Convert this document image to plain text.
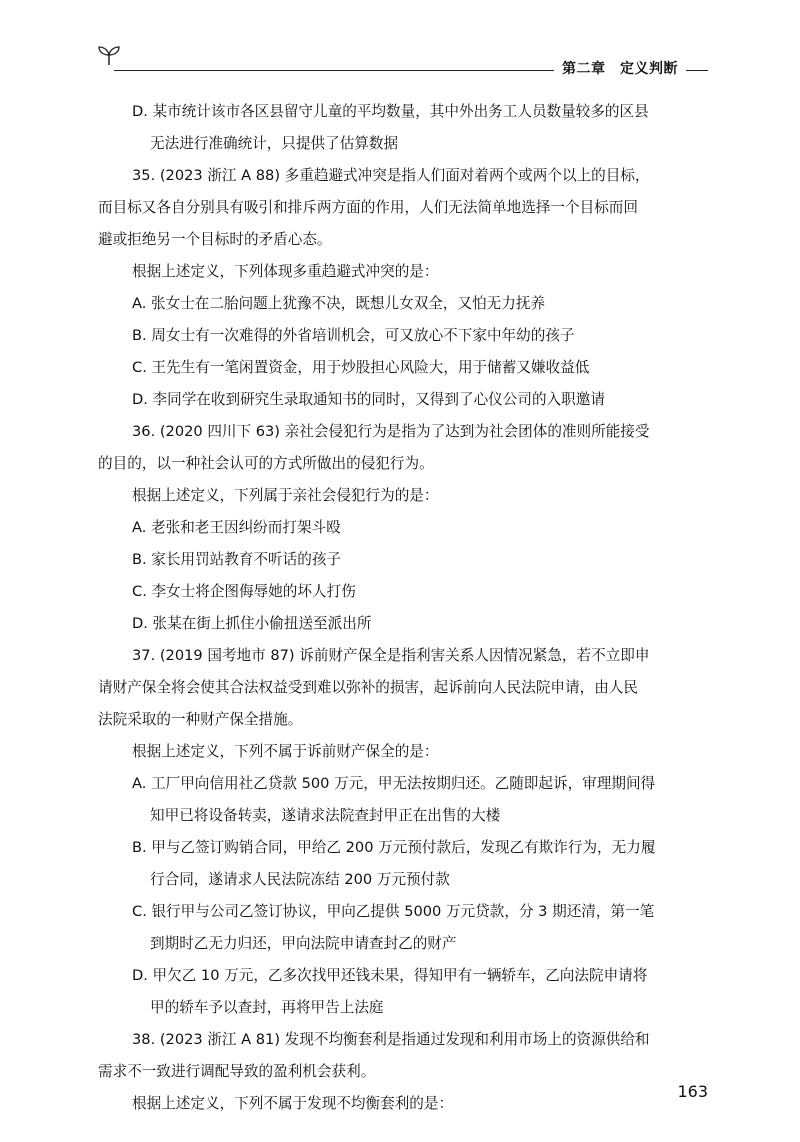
第二章　定义判断
D. 某市统计该市各区县留守儿童的平均数量，其中外出务工人员数量较多的区县
无法进行准确统计，只提供了估算数据
35. (2023 浙江 A 88) 多重趋避式冲突是指人们面对着两个或两个以上的目标，
而目标又各自分别具有吸引和排斥两方面的作用，人们无法简单地选择一个目标而回
避或拒绝另一个目标时的矛盾心态。
根据上述定义，下列体现多重趋避式冲突的是：
A. 张女士在二胎问题上犹豫不决，既想儿女双全，又怕无力抚养
B. 周女士有一次难得的外省培训机会，可又放心不下家中年幼的孩子
C. 王先生有一笔闲置资金，用于炒股担心风险大，用于储蓄又嫌收益低
D. 李同学在收到研究生录取通知书的同时，又得到了心仪公司的入职邀请
36. (2020 四川下 63) 亲社会侵犯行为是指为了达到为社会团体的准则所能接受
的目的，以一种社会认可的方式所做出的侵犯行为。
根据上述定义，下列属于亲社会侵犯行为的是：
A. 老张和老王因纠纷而打架斗殴
B. 家长用罚站教育不听话的孩子
C. 李女士将企图侮辱她的坏人打伤
D. 张某在街上抓住小偷扭送至派出所
37. (2019 国考地市 87) 诉前财产保全是指利害关系人因情况紧急，若不立即申
请财产保全将会使其合法权益受到难以弥补的损害，起诉前向人民法院申请，由人民
法院采取的一种财产保全措施。
根据上述定义，下列不属于诉前财产保全的是：
A. 工厂甲向信用社乙贷款 500 万元，甲无法按期归还。乙随即起诉，审理期间得
知甲已将设备转卖，遂请求法院查封甲正在出售的大楼
B. 甲与乙签订购销合同，甲给乙 200 万元预付款后，发现乙有欺诈行为，无力履
行合同，遂请求人民法院冻结 200 万元预付款
C. 银行甲与公司乙签订协议，甲向乙提供 5000 万元贷款，分 3 期还清，第一笔
到期时乙无力归还，甲向法院申请查封乙的财产
D. 甲欠乙 10 万元，乙多次找甲还钱未果，得知甲有一辆轿车，乙向法院申请将
甲的轿车予以查封，再将甲告上法庭
38. (2023 浙江 A 81) 发现不均衡套利是指通过发现和利用市场上的资源供给和
需求不一致进行调配导致的盈利机会获利。
根据上述定义，下列不属于发现不均衡套利的是：
163
